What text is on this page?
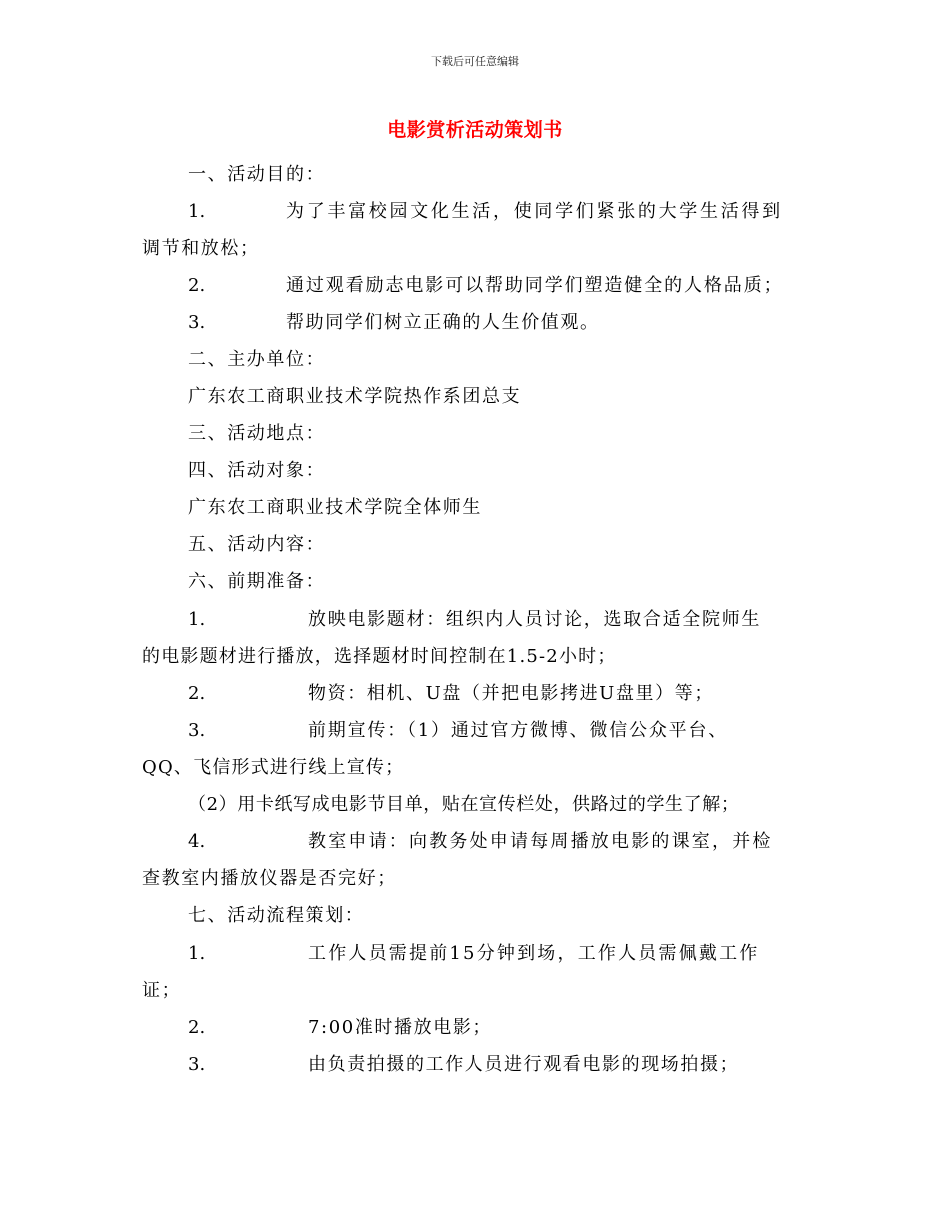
下载后可任意编辑
电影赏析活动策划书
一、活动目的：
1.	为了丰富校园文化生活，使同学们紧张的大学生活得到
调节和放松；
2.	通过观看励志电影可以帮助同学们塑造健全的人格品质；
3.	帮助同学们树立正确的人生价值观。
二、主办单位：
广东农工商职业技术学院热作系团总支
三、活动地点：
四、活动对象：
广东农工商职业技术学院全体师生
五、活动内容：
六、前期准备：
1.	放映电影题材：组织内人员讨论，选取合适全院师生
的电影题材进行播放，选择题材时间控制在1.5-2小时；
2.	物资：相机、U盘（并把电影拷进U盘里）等；
3.	前期宣传：（1）通过官方微博、微信公众平台、
QQ、飞信形式进行线上宣传；
（2）用卡纸写成电影节目单，贴在宣传栏处，供路过的学生了解；
4.	教室申请：向教务处申请每周播放电影的课室，并检
查教室内播放仪器是否完好；
七、活动流程策划：
1.	工作人员需提前15分钟到场，工作人员需佩戴工作
证；
2.	7:00准时播放电影；
3.	由负责拍摄的工作人员进行观看电影的现场拍摄；
